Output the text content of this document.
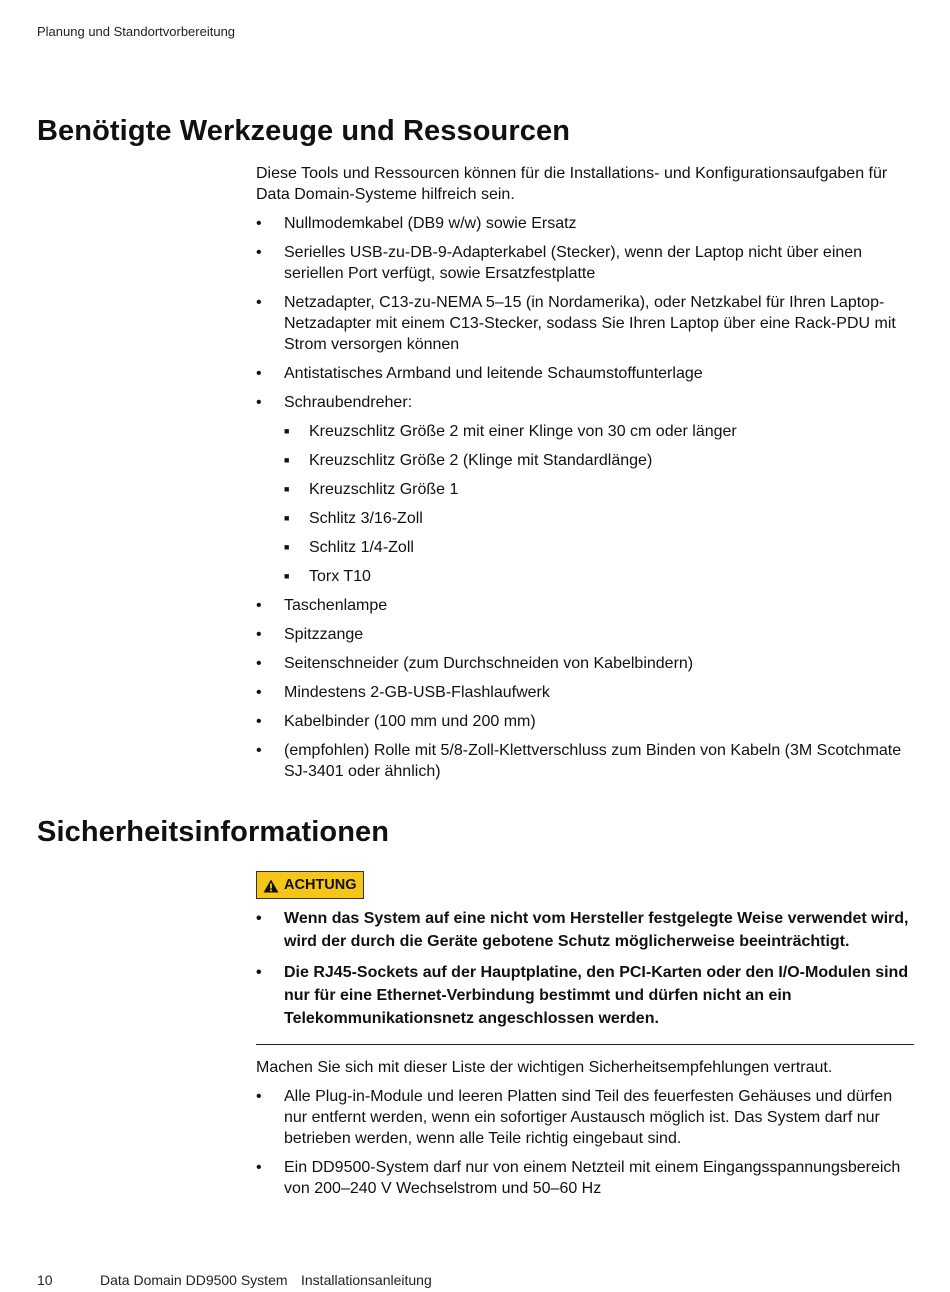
Planung und Standortvorbereitung
Benötigte Werkzeuge und Ressourcen

Diese Tools und Ressourcen können für die Installations- und Konfigurationsaufgaben für Data Domain-Systeme hilfreich sein.

• Nullmodemkabel (DB9 w/w) sowie Ersatz
• Serielles USB-zu-DB-9-Adapterkabel (Stecker), wenn der Laptop nicht über einen seriellen Port verfügt, sowie Ersatzfestplatte
• Netzadapter, C13-zu-NEMA 5–15 (in Nordamerika), oder Netzkabel für Ihren Laptop-Netzadapter mit einem C13-Stecker, sodass Sie Ihren Laptop über eine Rack-PDU mit Strom versorgen können
• Antistatisches Armband und leitende Schaumstoffunterlage
• Schraubendreher:
■ Kreuzschlitz Größe 2 mit einer Klinge von 30 cm oder länger
■ Kreuzschlitz Größe 2 (Klinge mit Standardlänge)
■ Kreuzschlitz Größe 1
■ Schlitz 3/16-Zoll
■ Schlitz 1/4-Zoll
■ Torx T10
• Taschenlampe
• Spitzzange
• Seitenschneider (zum Durchschneiden von Kabelbindern)
• Mindestens 2-GB-USB-Flashlaufwerk
• Kabelbinder (100 mm und 200 mm)
• (empfohlen) Rolle mit 5/8-Zoll-Klettverschluss zum Binden von Kabeln (3M Scotchmate SJ-3401 oder ähnlich)
Sicherheitsinformationen
ACHTUNG
• Wenn das System auf eine nicht vom Hersteller festgelegte Weise verwendet wird, wird der durch die Geräte gebotene Schutz möglicherweise beeinträchtigt.
• Die RJ45-Sockets auf der Hauptplatine, den PCI-Karten oder den I/O-Modulen sind nur für eine Ethernet-Verbindung bestimmt und dürfen nicht an ein Telekommunikationsnetz angeschlossen werden.

Machen Sie sich mit dieser Liste der wichtigen Sicherheitsempfehlungen vertraut.

• Alle Plug-in-Module und leeren Platten sind Teil des feuerfesten Gehäuses und dürfen nur entfernt werden, wenn ein sofortiger Austausch möglich ist. Das System darf nur betrieben werden, wenn alle Teile richtig eingebaut sind.
• Ein DD9500-System darf nur von einem Netzteil mit einem Eingangsspannungsbereich von 200–240 V Wechselstrom und 50–60 Hz
10	Data Domain DD9500 System Installationsanleitung
